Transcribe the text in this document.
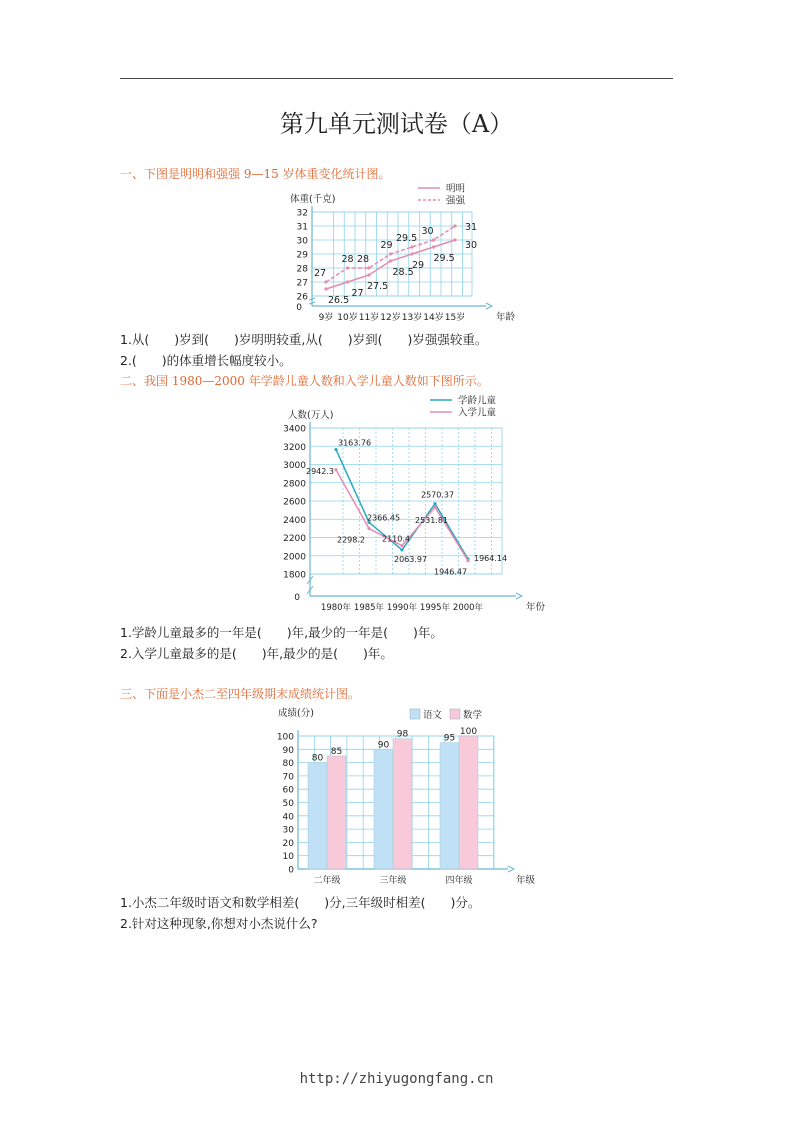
第九单元测试卷（A）
一、下图是明明和强强 9—15 岁体重变化统计图。
26
27
28
29
30
31
32
0
体重(千克)
年龄
9岁 10岁 11岁 12岁 13岁 14岁 15岁
明明
强强
27
26.5
28
27
28
27.5
29
28.5
29.5
29
30
29.5
31
30
1.从(　　)岁到(　　)岁明明较重,从(　　)岁到(　　)岁强强较重。
2.(　　)的体重增长幅度较小。
二、我国 1980—2000 年学龄儿童人数和入学儿童人数如下图所示。
1800
2000
2200
2400
2600
2800
3000
3200
3400
0
人数(万人)
年份
1980年 1985年 1990年 1995年 2000年
学龄儿童
入学儿童
3163.76
2942.3
2366.45
2298.2 2110.4
2063.97
2570.37
2531.81
1964.14
1946.47
1.学龄儿童最多的一年是(　　)年,最少的一年是(　　)年。
2.入学儿童最多的是(　　)年,最少的是(　　)年。
三、下面是小杰二至四年级期末成绩统计图。
0
10
20
30
40
50
60
70
80
90
100
成绩(分)
年级
语文 数学
80
85
二年级
90
98
三年级
95
100
四年级
1.小杰二年级时语文和数学相差(　　)分,三年级时相差(　　)分。
2.针对这种现象,你想对小杰说什么?
http://zhiyugongfang.cn
